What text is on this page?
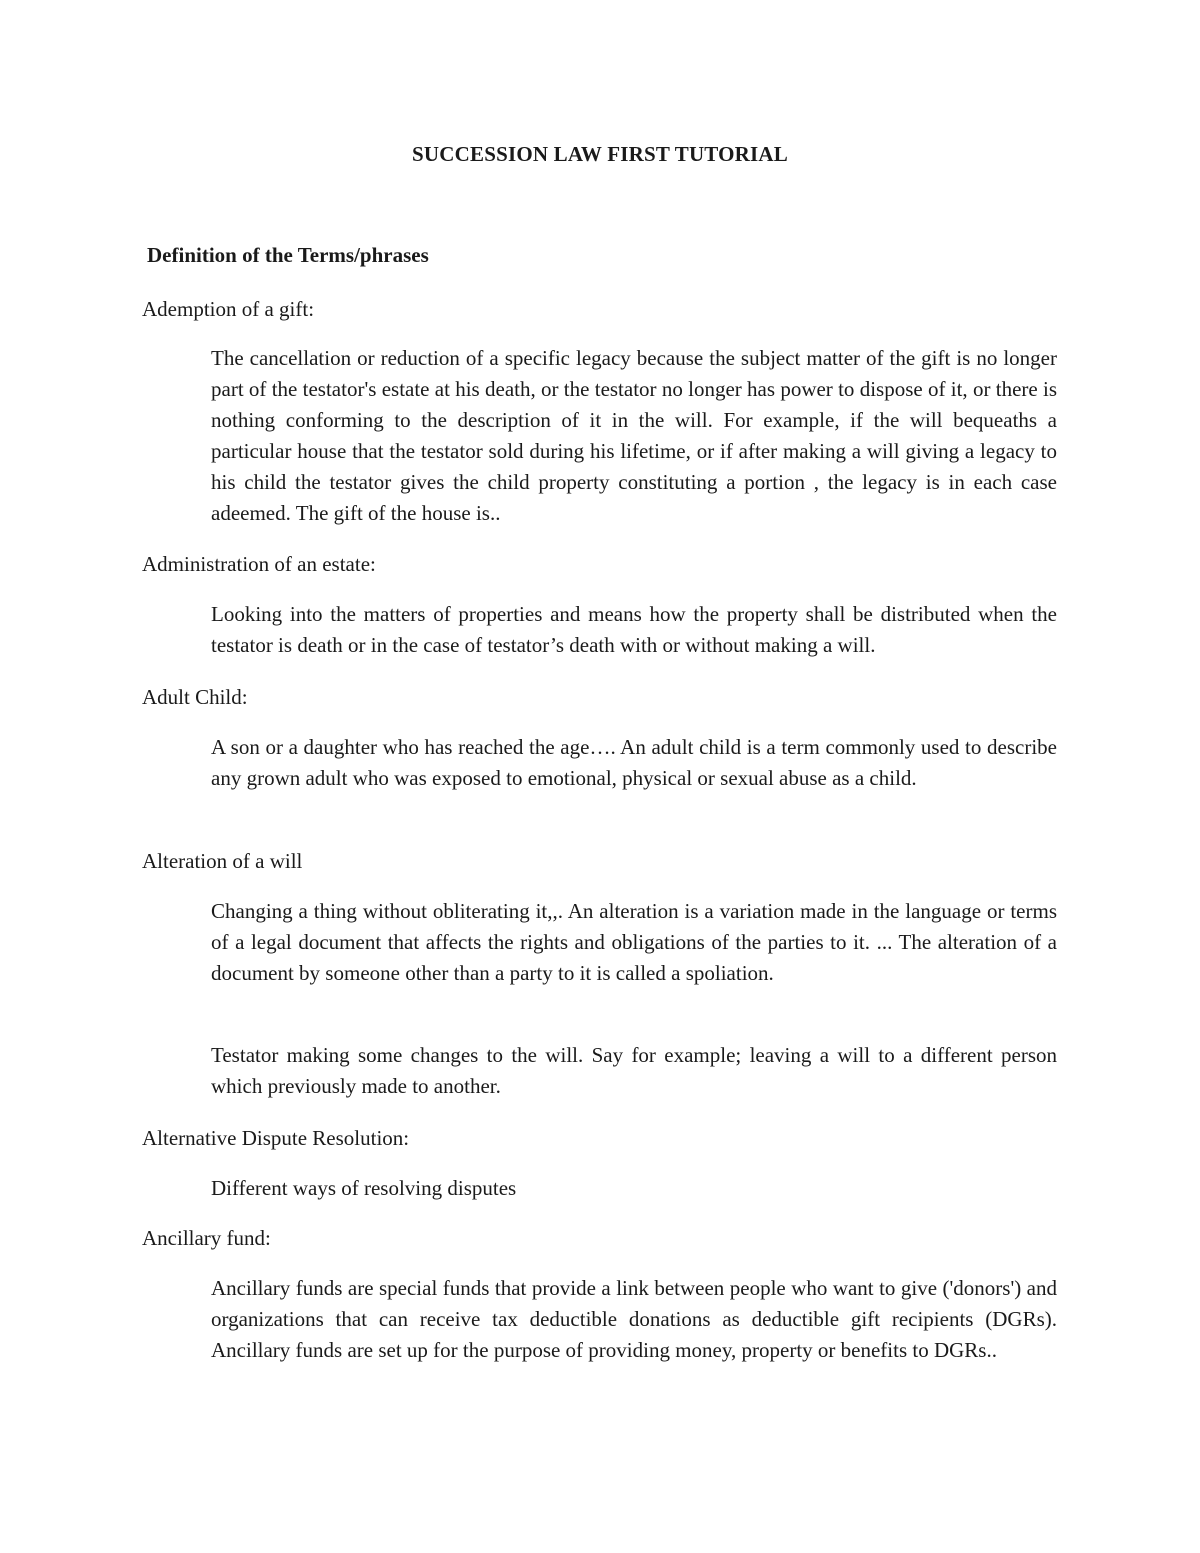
SUCCESSION LAW FIRST TUTORIAL
Definition of the Terms/phrases
Ademption of a gift:
The cancellation or reduction of a specific legacy because the subject matter of the gift is no longer part of the testator's estate at his death, or the testator no longer has power to dispose of it, or there is nothing conforming to the description of it in the will. For example, if the will bequeaths a particular house that the testator sold during his lifetime, or if after making a will giving a legacy to his child the testator gives the child property constituting a portion , the legacy is in each case adeemed. The gift of the house is..
Administration of an estate:
Looking into the matters of properties and means how the property shall be distributed when the testator is death or in the case of testator’s death with or without making a will.
Adult Child:
A son or a daughter who has reached the age…. An adult child is a term commonly used to describe any grown adult who was exposed to emotional, physical or sexual abuse as a child.
Alteration of a will
Changing a thing without obliterating it,,. An alteration is a variation made in the language or terms of a legal document that affects the rights and obligations of the parties to it. ... The alteration of a document by someone other than a party to it is called a spoliation.
Testator making some changes to the will. Say for example; leaving a will to a different person which previously made to another.
Alternative Dispute Resolution:
Different ways of resolving disputes
Ancillary fund:
Ancillary funds are special funds that provide a link between people who want to give ('donors') and organizations that can receive tax deductible donations as deductible gift recipients (DGRs). Ancillary funds are set up for the purpose of providing money, property or benefits to DGRs..
